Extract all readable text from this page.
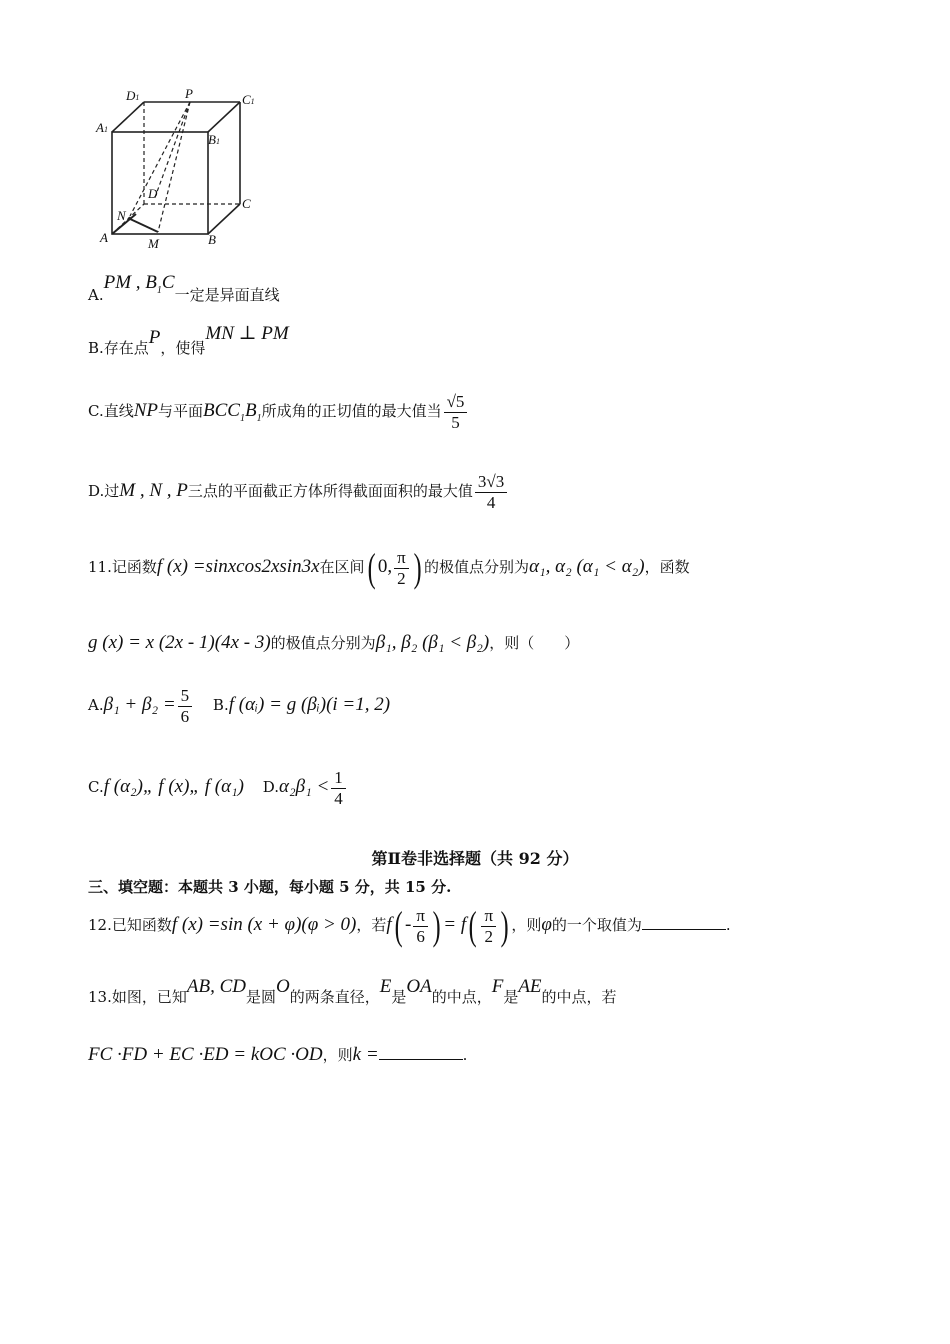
D1	P	C1
A1
B1
D
C
N
A	M	B
A.PM , $B_1C$一定是异面直线
B.存在点P，使得MN ⊥ PM
C.直线NP与平面$BCC_1B_1$所成角的正切值的最大值当 $\frac{√5}{5}$
D.过M , N , P三点的平面截正方体所得截面面积的最大值 $\frac{3√3}{4}$
11.记函数f (x) =sinxcos2xsin3x在区间( 0, $\frac{\pi}{2}$ ) 的极值点分别为α₁, α₂ (α₁ < α₂)，函数
g (x) = x (2x - 1)(4x - 3)的极值点分别为β₁, β₂ (β₁ < β₂)，则（　　）
$A.\beta_1 + \beta_2 = \frac{5}{6} B.f$ (αᵢ) = g (βᵢ)(i =1, 2)
C.f (α₂)„ f (x)„ f (α₁) $D.\alpha_2\beta_1 < \frac{1}{4}$
第Ⅱ卷非选择题（共 92 分）
三、填空题：本题共 3 小题，每小题 5 分，共 15 分.
12.已知函数f (x) =sin (x + φ)(φ > 0)，若$f( - \frac{\pi}{6}$ ) = $f( \frac{\pi}{2}$ ) ，则φ的一个取值为	.
13.如图，已知AB, CD是圆O的两条直径，E是OA的中点，F是AE的中点，若
FC ·FD + EC ·ED = kOC ·OD，则k =	.
